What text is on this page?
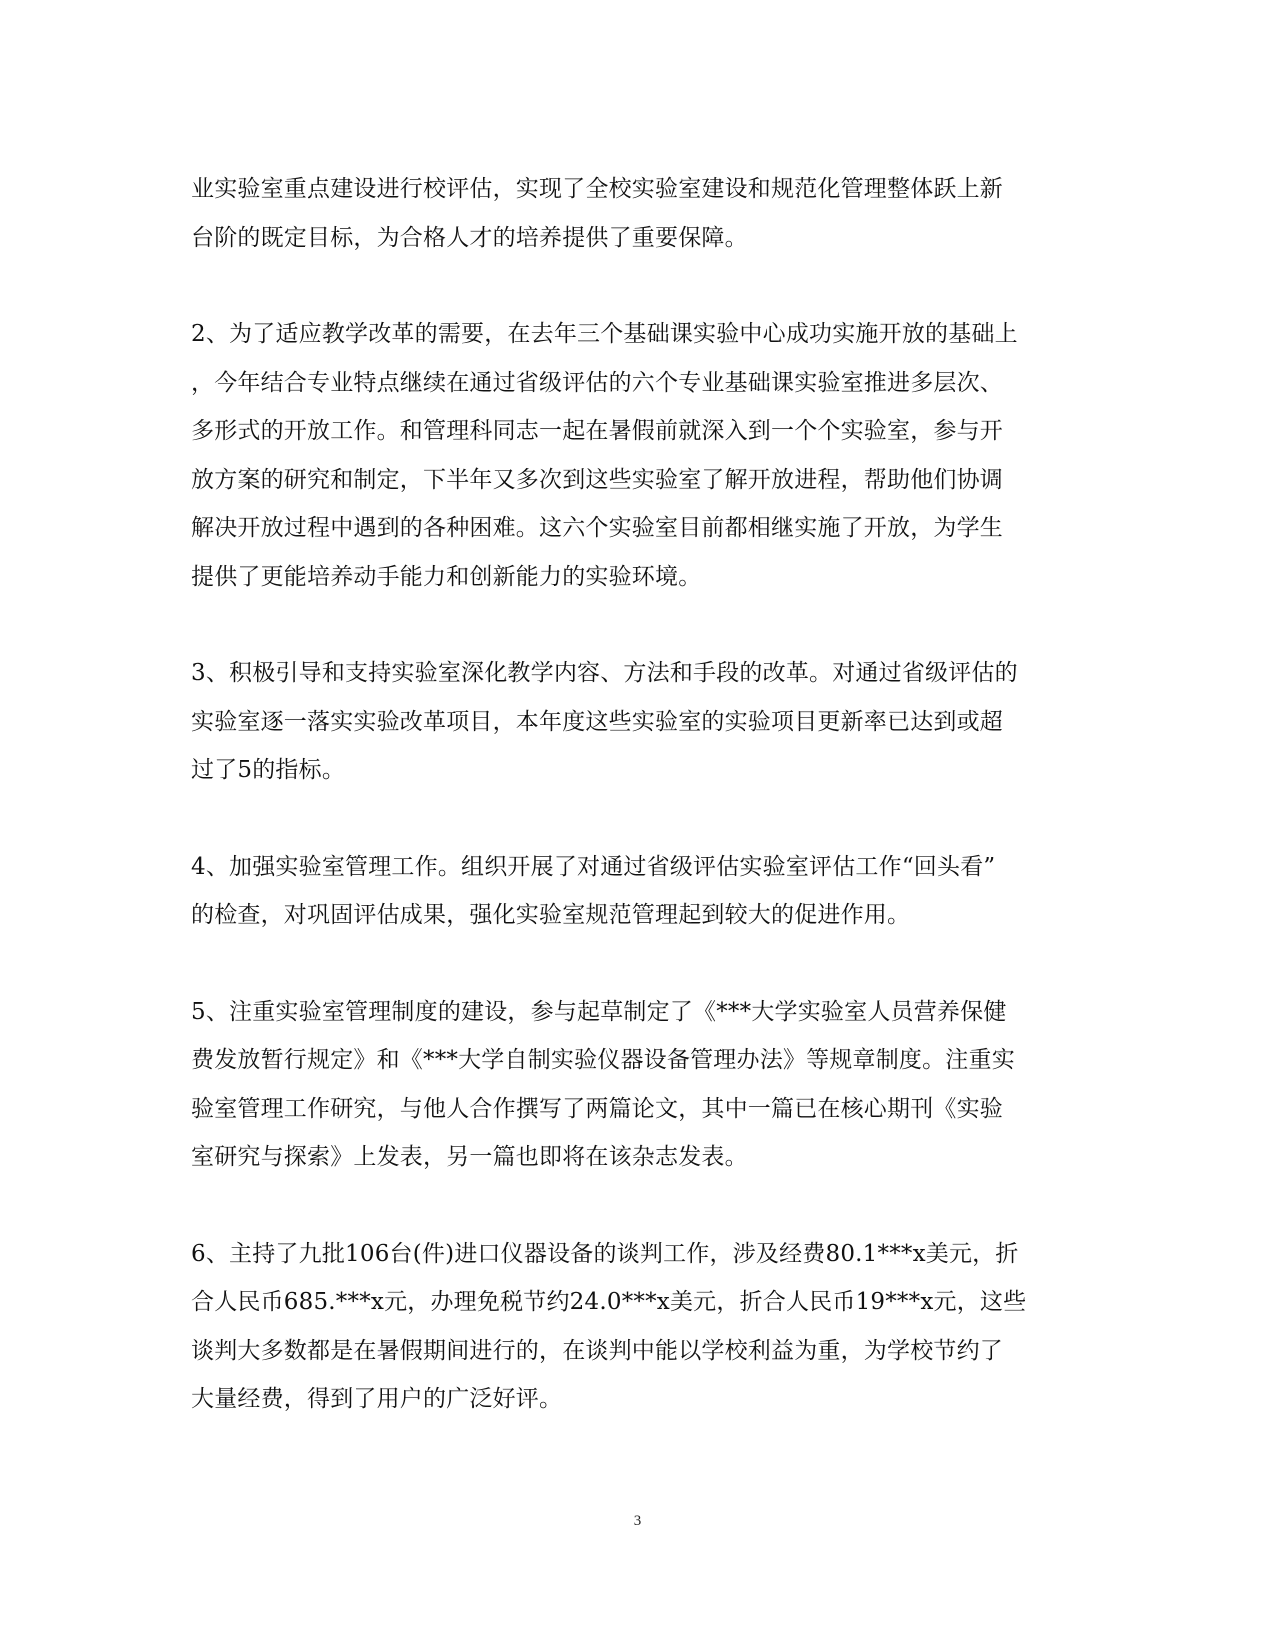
业实验室重点建设进行校评估，实现了全校实验室建设和规范化管理整体跃上新
台阶的既定目标，为合格人才的培养提供了重要保障。

2、为了适应教学改革的需要，在去年三个基础课实验中心成功实施开放的基础上
，今年结合专业特点继续在通过省级评估的六个专业基础课实验室推进多层次、
多形式的开放工作。和管理科同志一起在暑假前就深入到一个个实验室，参与开
放方案的研究和制定，下半年又多次到这些实验室了解开放进程，帮助他们协调
解决开放过程中遇到的各种困难。这六个实验室目前都相继实施了开放，为学生
提供了更能培养动手能力和创新能力的实验环境。

3、积极引导和支持实验室深化教学内容、方法和手段的改革。对通过省级评估的
实验室逐一落实实验改革项目，本年度这些实验室的实验项目更新率已达到或超
过了5的指标。

4、加强实验室管理工作。组织开展了对通过省级评估实验室评估工作“回头看”
的检查，对巩固评估成果，强化实验室规范管理起到较大的促进作用。

5、注重实验室管理制度的建设，参与起草制定了《***大学实验室人员营养保健
费发放暂行规定》和《***大学自制实验仪器设备管理办法》等规章制度。注重实
验室管理工作研究，与他人合作撰写了两篇论文，其中一篇已在核心期刊《实验
室研究与探索》上发表，另一篇也即将在该杂志发表。

6、主持了九批106台(件)进口仪器设备的谈判工作，涉及经费80.1***x美元，折
合人民币685.***x元，办理免税节约24.0***x美元，折合人民币19***x元，这些
谈判大多数都是在暑假期间进行的，在谈判中能以学校利益为重，为学校节约了
大量经费，得到了用户的广泛好评。

3
